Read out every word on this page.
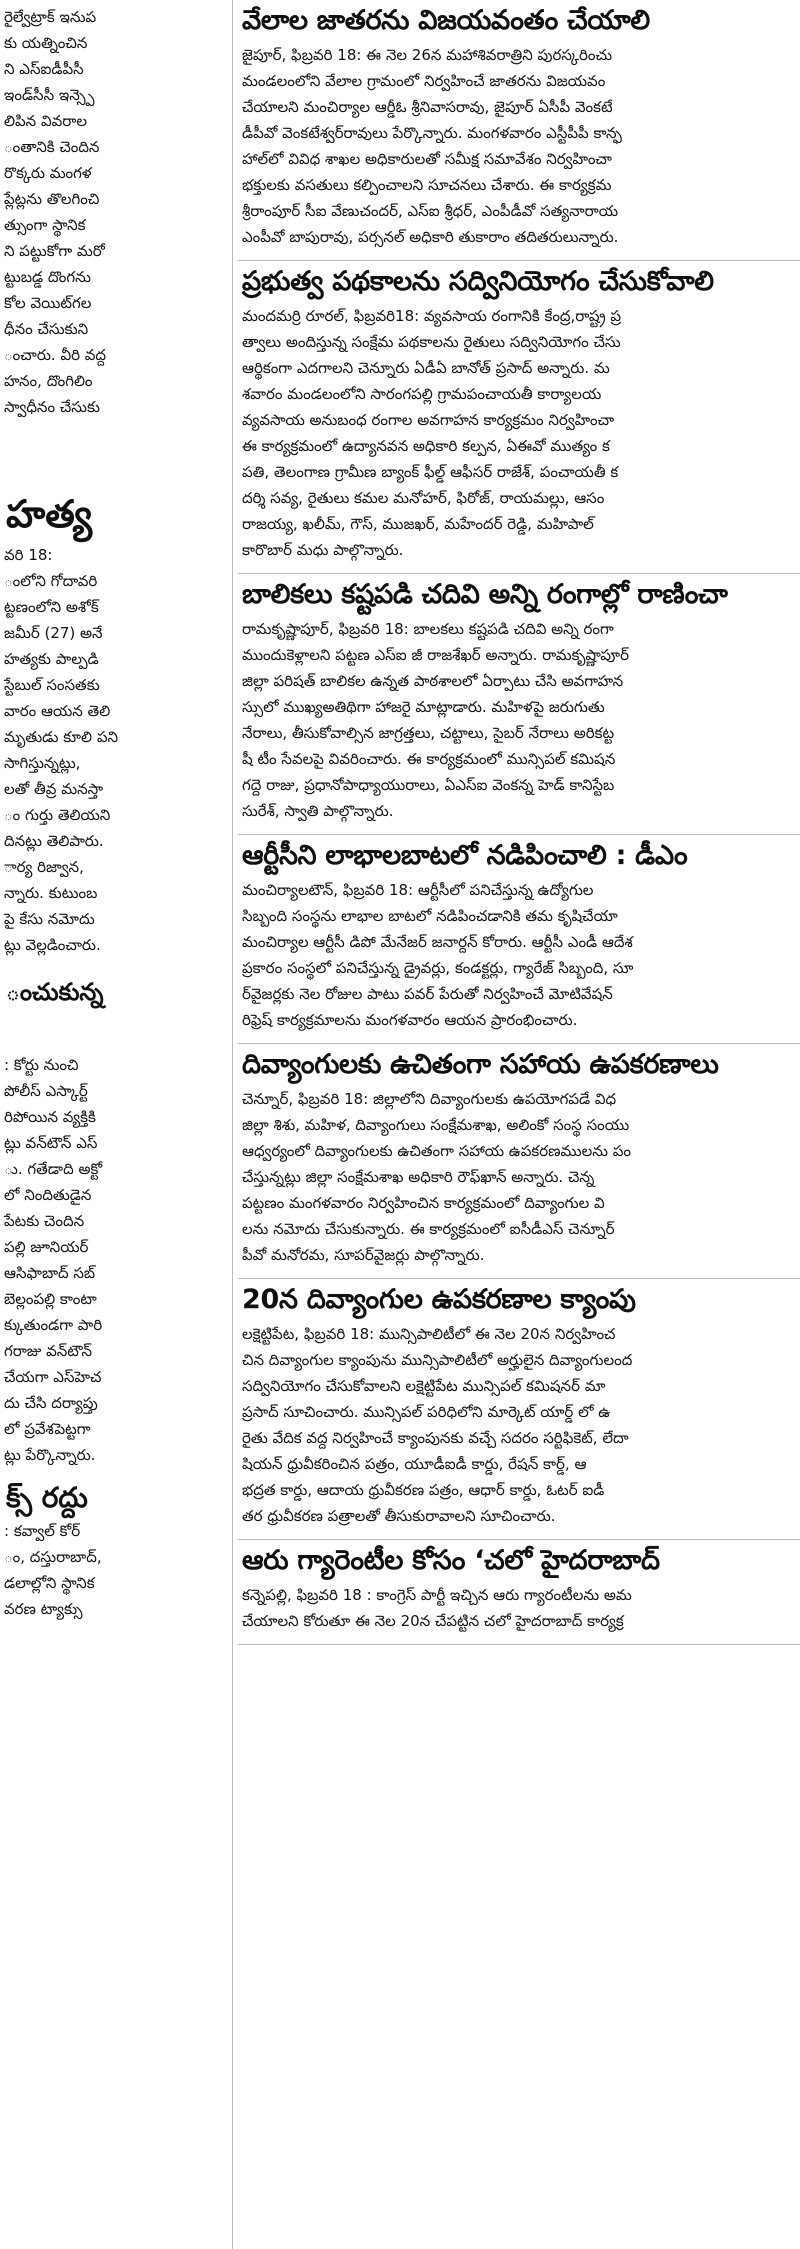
రైల్వేట్రాక్ ఇనుప
కు యత్నించిన
ని ఎస్‌ఐడీపీసీ
ఇండ్‌సీసీ ఇన్స్పె
లిపిన వివరాల
ంతానికి చెందిన
రొక్కరు మంగళ
ప్లేట్లను తొలగించి
త్సుంగా స్థానిక
ని పట్టుకోగా మరో
ట్టుబడ్డ దొంగను
కోల వెయిట్‌గల
ధీనం చేసుకుని
ంచారు. వీరి వద్ద
హనం, దొంగిలిం
స్వాధీనం చేసుకు
హత్య
వరి 18:
ంలోని గోదావరి
ట్టణంలోని అశోక్
జమీర్ (27) అనే
హత్యకు పాల్పడి
స్టేబుల్ సంసతకు
వారం ఆయన తెలి
మృతుడు కూలి పని
సాగిస్తున్నట్లు,
లతో తీవ్ర మనస్తా
ం గుర్తు తెలియని
దినట్లు తెలిపారు.
ార్య రిజ్వాన,
న్నారు. కుటుంబ
పై కేసు నమోదు
ట్లు వెల్లడించారు.
ంచుకున్న
: కోర్టు నుంచి
పోలీస్ ఎస్కార్ట్
రిపోయిన వ్యక్తికి
ట్లు వన్‌టౌన్ ఎస్
ు. గతేడాది అక్టో
లో నిందితుడైన
పేటకు చెందిన
పల్లి జూనియర్
ఆసిఫాబాద్ సబ్
బెల్లంపల్లి కాంటా
క్కుతుండగా పారి
గరాజు వన్‌టౌన్
చేయగా ఎస్‌హెచ
దు చేసి దర్యాప్తు
లో ప్రవేశపెట్టగా
ట్లు పేర్కొన్నారు.
క్స్ రద్దు
: కవ్వాల్ కోర్
ం, దస్తురాబాద్,
డలాల్లోని స్థానిక
వరణ ట్యాక్సు
వేలాల జాతరను విజయవంతం చేయాలి
జైపూర్, ఫిబ్రవరి 18: ఈ నెల 26న మహాశివరాత్రిని పురస్కరించు
మండలంలోని వేలాల గ్రామంలో నిర్వహించే జాతరను విజయవం
చేయాలని మంచిర్యాల ఆర్డీఓ శ్రీనివాసరావు, జైపూర్ ఏసీపీ వెంకటే
డీపీవో వెంకటేశ్వర్‌రావులు పేర్కొన్నారు. మంగళవారం ఎస్టీపీపీ కాన్ఫ
హాల్‌లో వివిధ శాఖల అధికారులతో సమీక్ష సమావేశం నిర్వహించా
భక్తులకు వసతులు కల్పించాలని సూచనలు చేశారు. ఈ కార్యక్రమ
శ్రీరాంపూర్ సీఐ వేణుచందర్, ఎస్ఐ శ్రీధర్, ఎంపీడీవో సత్యనారాయ
ఎంపీవో బాపురావు, పర్సనల్ అధికారి తుకారాం తదితరులున్నారు.
ప్రభుత్వ పథకాలను సద్వినియోగం చేసుకోవాలి
మందమర్రి రూరల్, ఫిబ్రవరి18: వ్యవసాయ రంగానికి కేంద్ర,రాష్ట్ర ప్ర
త్వాలు అందిస్తున్న సంక్షేమ పథకాలను రైతులు సద్వినియోగం చేసు
ఆర్థికంగా ఎదగాలని చెన్నూరు ఏడీఏ బానోత్ ప్రసాద్ అన్నారు. మ
శవారం మండలంలోని సారంగపల్లి గ్రామపంచాయతీ కార్యాలయ
వ్యవసాయ అనుబంధ రంగాల అవగాహన కార్యక్రమం నిర్వహించా
ఈ కార్యక్రమంలో ఉద్యానవన అధికారి కల్పన, ఏఈవో ముత్యం క
పతి, తెలంగాణ గ్రామీణ బ్యాంక్ ఫీల్డ్ ఆఫీసర్ రాజేశ్, పంచాయతీ క
దర్శి సవ్య, రైతులు కమల మనోహర్, ఫిరోజ్, రాయమల్లు, ఆసం
రాజయ్య, ఖలీమ్, గౌస్, ముజఖర్, మహేందర్ రెడ్డి, మహిపాల్
కారొబార్ మధు పాల్గొన్నారు.
బాలికలు కష్టపడి చదివి అన్ని రంగాల్లో రాణించా
రామకృష్ణాపూర్, ఫిబ్రవరి 18: బాలకలు కష్టపడి చదివి అన్ని రంగా
ముందుకెళ్లాలని పట్టణ ఎస్ఐ జీ రాజశేఖర్ అన్నారు. రామకృష్ణాపూర్
జిల్లా పరిషత్ బాలికల ఉన్నత పాఠశాలలో ఏర్పాటు చేసి అవగాహన
స్సులో ముఖ్యఅతిథిగా హాజరై మాట్లాడారు. మహిళపై జరుగుతు
నేరాలు, తీసుకోవాల్సిన జాగ్రత్తలు, చట్టాలు, సైబర్ నేరాలు అరికట్ట
షీ టీం సేవలపై వివరించారు. ఈ కార్యక్రమంలో మున్సిపల్ కమిషన
గద్దె రాజు, ప్రధానోపాధ్యాయురాలు, ఏఎస్ఐ వెంకన్న హెడ్ కానిస్టేబ
సురేశ్, స్వాతి పాల్గొన్నారు.
ఆర్టీసీని లాభాలబాటలో నడిపించాలి : డీఎం
మంచిర్యాలటౌన్, ఫిబ్రవరి 18: ఆర్టీసీలో పనిచేస్తున్న ఉద్యోగుల
సిబ్బంది సంస్థను లాభాల బాటలో నడిపించడానికి తమ కృషిచేయా
మంచిర్యాల ఆర్టీసీ డిపో మేనేజర్ జనార్దన్ కోరారు. ఆర్టీసీ ఎండీ ఆదేశ
ప్రకారం సంస్థలో పనిచేస్తున్న డ్రైవర్లు, కండక్టర్లు, గ్యారేజ్ సిబ్బంది, సూ
ర్‌వైజర్లకు నెల రోజుల పాటు పవర్ పేరుతో నిర్వహించే మోటివేషన్
రిఫ్రెష్ కార్యక్రమాలను మంగళవారం ఆయన ప్రారంభించారు.
దివ్యాంగులకు ఉచితంగా సహాయ ఉపకరణాలు
చెన్నూర్, ఫిబ్రవరి 18: జిల్లాలోని దివ్యాంగులకు ఉపయోగపడే విధ
జిల్లా శిశు, మహిళ, దివ్యాంగులు సంక్షేమశాఖ, అలింకో సంస్థ సంయు
ఆధ్వర్యంలో దివ్యాంగులకు ఉచితంగా సహాయ ఉపకరణములను పం
చేస్తున్నట్లు జిల్లా సంక్షేమశాఖ అధికారి రౌఫ్‌ఖాన్ అన్నారు. చెన్న
పట్టణం మంగళవారం నిర్వహించిన కార్యక్రమంలో దివ్యాంగుల వి
లను నమోదు చేసుకున్నారు. ఈ కార్యక్రమంలో ఐసీడీఎస్ చెన్నూర్
పీవో మనోరమ, సూపర్‌వైజర్లు పాల్గొన్నారు.
20న దివ్యాంగుల ఉపకరణాల క్యాంపు
లక్షెట్టిపేట, ఫిబ్రవరి 18: మున్సిపాలిటీలో ఈ నెల 20న నిర్వహించ
చిన దివ్యాంగుల క్యాంపును మున్సిపాలిటీలో అర్హులైన దివ్యాంగులంద
సద్వినియోగం చేసుకోవాలని లక్షెట్టిపేట మున్సిపల్ కమిషనర్ మా
ప్రసాద్ సూచించారు. మున్సిపల్ పరిధిలోని మార్కెట్ యార్డ్ లో ఉ
రైతు వేదిక వద్ద నిర్వహించే క్యాంపునకు వచ్చే సదరం సర్టిఫికెట్, లేదా
షియన్ ధ్రువీకరించిన పత్రం, యూడీఐడీ కార్డు, రేషన్ కార్డ్, ఆ
భద్రత కార్డు, ఆదాయ ధ్రువీకరణ పత్రం, ఆధార్ కార్డు, ఓటర్ ఐడీ
తర ధ్రువీకరణ పత్రాలతో తీసుకురావాలని సూచించారు.
ఆరు గ్యారెంటీల కోసం ‘చలో హైదరాబాద్
కన్నెపల్లి, ఫిబ్రవరి 18 : కాంగ్రెస్ పార్టీ ఇచ్చిన ఆరు గ్యారంటీలను అమ
చేయాలని కోరుతూ ఈ నెల 20న చేపట్టిన చలో హైదరాబాద్ కార్యక్ర
